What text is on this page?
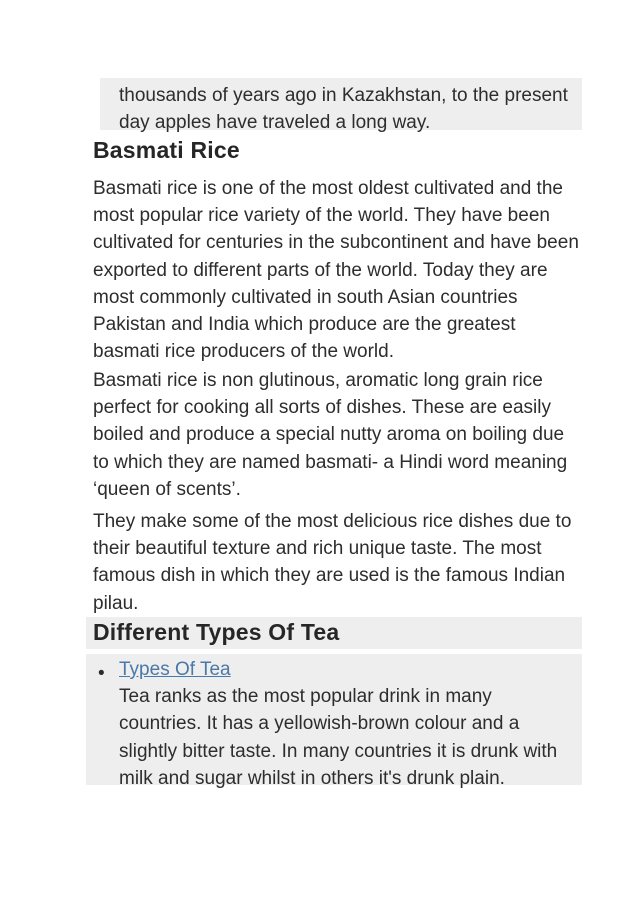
thousands of years ago in Kazakhstan, to the present day apples have traveled a long way.

Basmati Rice

Basmati rice is one of the most oldest cultivated and the most popular rice variety of the world. They have been cultivated for centuries in the subcontinent and have been exported to different parts of the world. Today they are most commonly cultivated in south Asian countries Pakistan and India which produce are the greatest basmati rice producers of the world.

Basmati rice is non glutinous, aromatic long grain rice perfect for cooking all sorts of dishes. These are easily boiled and produce a special nutty aroma on boiling due to which they are named basmati- a Hindi word meaning ‘queen of scents’.

They make some of the most delicious rice dishes due to their beautiful texture and rich unique taste. The most famous dish in which they are used is the famous Indian pilau.

Different Types Of Tea
• Types Of Tea
Tea ranks as the most popular drink in many countries. It has a yellowish-brown colour and a slightly bitter taste. In many countries it is drunk with milk and sugar whilst in others it's drunk plain.
